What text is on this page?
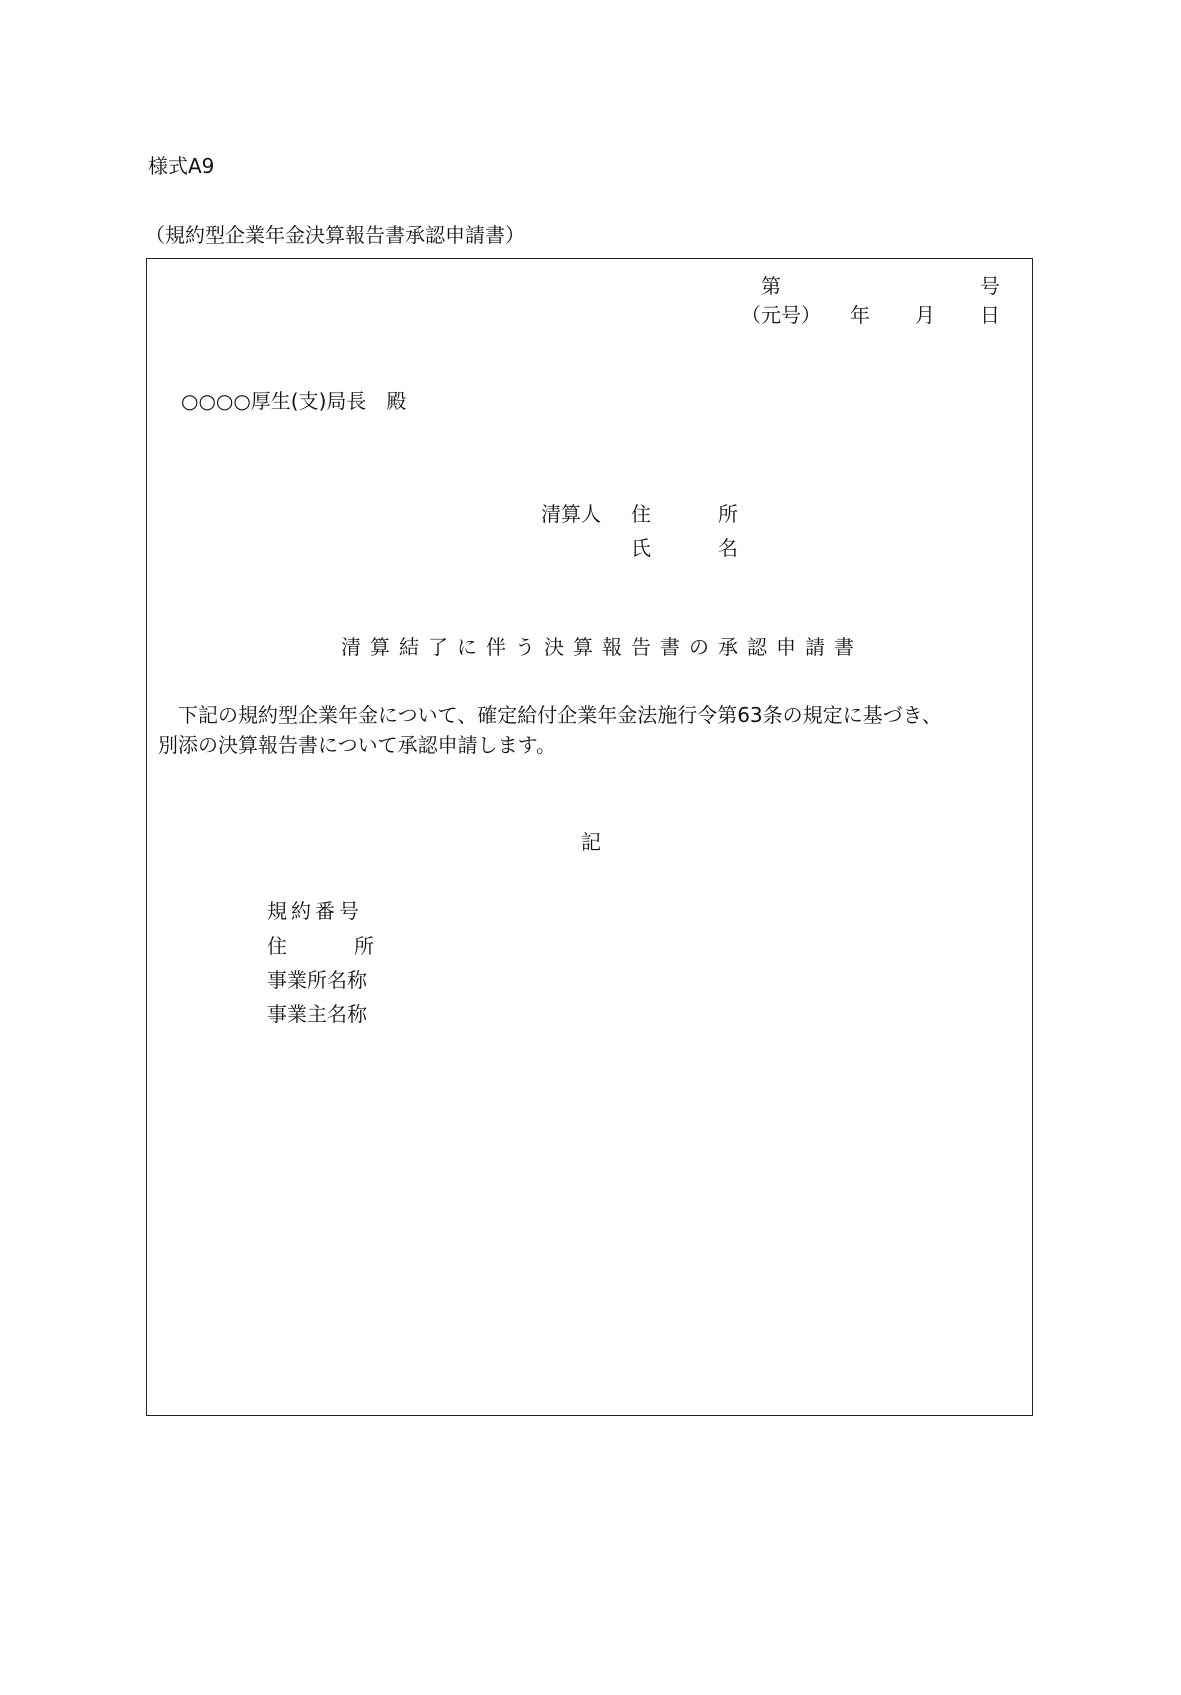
様式A9
（規約型企業年金決算報告書承認申請書）
第	号
（元号） 年 月 日
○○○○厚生(支)局長　殿
清算人 住	所
氏	名
清算結了に伴う決算報告書の承認申請書
　下記の規約型企業年金について、確定給付企業年金法施行令第63条の規定に基づき、
別添の決算報告書について承認申請します。
記
規約番号
住	所
事業所名称
事業主名称
